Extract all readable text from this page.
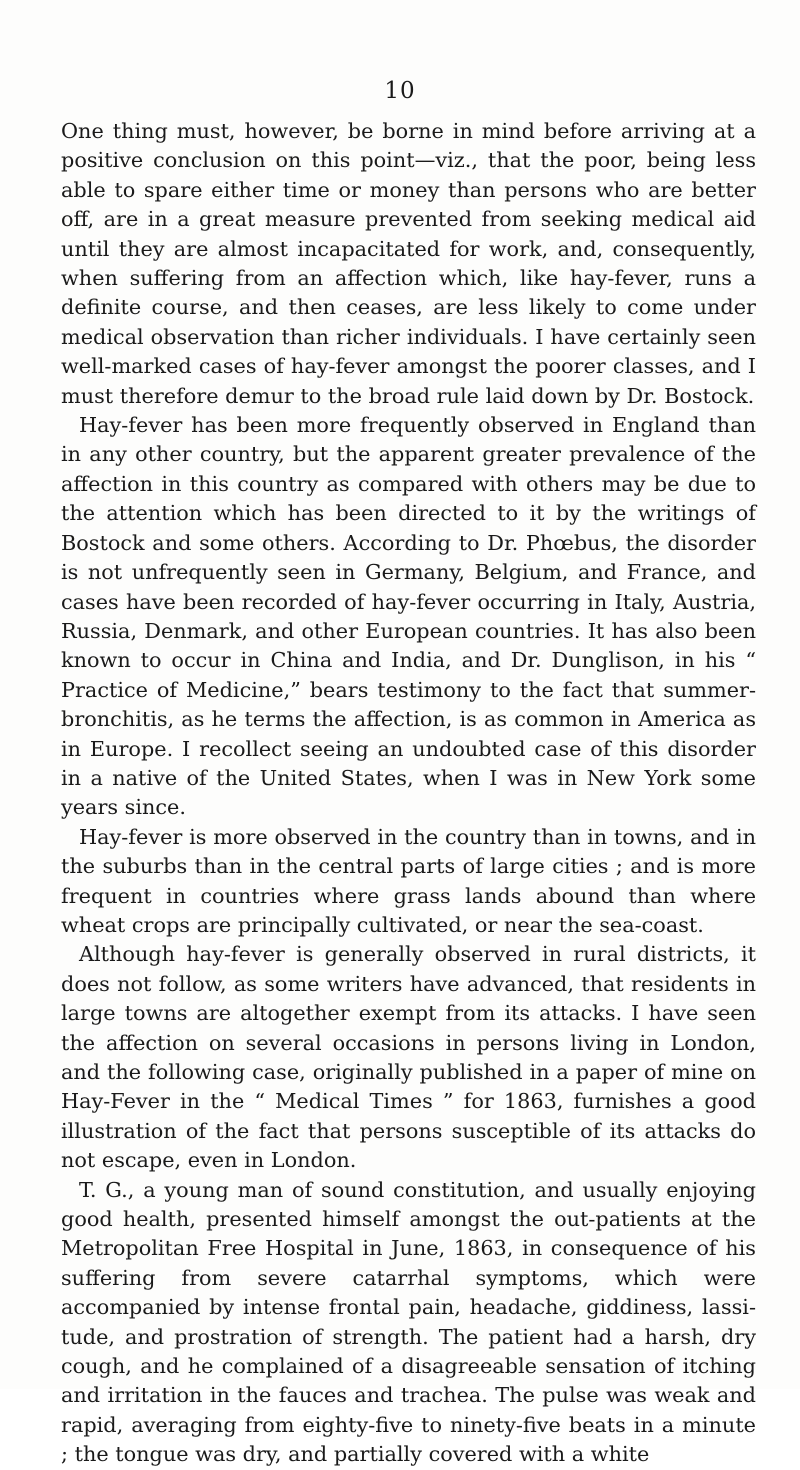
10

One thing must, however, be borne in mind before arriving at a positive conclusion on this point—viz., that the poor, being less able to spare either time or money than persons who are better off, are in a great measure prevented from seeking medical aid until they are almost incapacitated for work, and, consequently, when suffering from an affection which, like hay-fever, runs a definite course, and then ceases, are less likely to come under medical observation than richer individuals. I have certainly seen well-marked cases of hay-fever amongst the poorer classes, and I must therefore demur to the broad rule laid down by Dr. Bostock.

Hay-fever has been more frequently observed in England than in any other country, but the apparent greater prevalence of the affection in this country as compared with others may be due to the attention which has been directed to it by the writings of Bostock and some others. According to Dr. Phœbus, the disorder is not unfrequently seen in Germany, Belgium, and France, and cases have been recorded of hay-fever occurring in Italy, Austria, Russia, Denmark, and other European countries. It has also been known to occur in China and India, and Dr. Dunglison, in his “ Practice of Medicine,” bears testimony to the fact that summer-bronchitis, as he terms the affection, is as common in America as in Europe. I recollect seeing an undoubted case of this disorder in a native of the United States, when I was in New York some years since.

Hay-fever is more observed in the country than in towns, and in the suburbs than in the central parts of large cities ; and is more frequent in countries where grass lands abound than where wheat crops are principally cultivated, or near the sea-coast.

Although hay-fever is generally observed in rural districts, it does not follow, as some writers have advanced, that residents in large towns are altogether exempt from its attacks. I have seen the affection on several occasions in persons living in London, and the following case, originally published in a paper of mine on Hay-Fever in the “ Medical Times ” for 1863, furnishes a good illustration of the fact that persons susceptible of its attacks do not escape, even in London.

T. G., a young man of sound constitution, and usually enjoying good health, presented himself amongst the out-patients at the Metropolitan Free Hospital in June, 1863, in consequence of his suffering from severe catarrhal symptoms, which were accompanied by intense frontal pain, headache, giddiness, lassitude, and prostration of strength. The patient had a harsh, dry cough, and he complained of a disagreeable sensation of itching and irritation in the fauces and trachea. The pulse was weak and rapid, averaging from eighty-five to ninety-five beats in a minute ; the tongue was dry, and partially covered with a white
